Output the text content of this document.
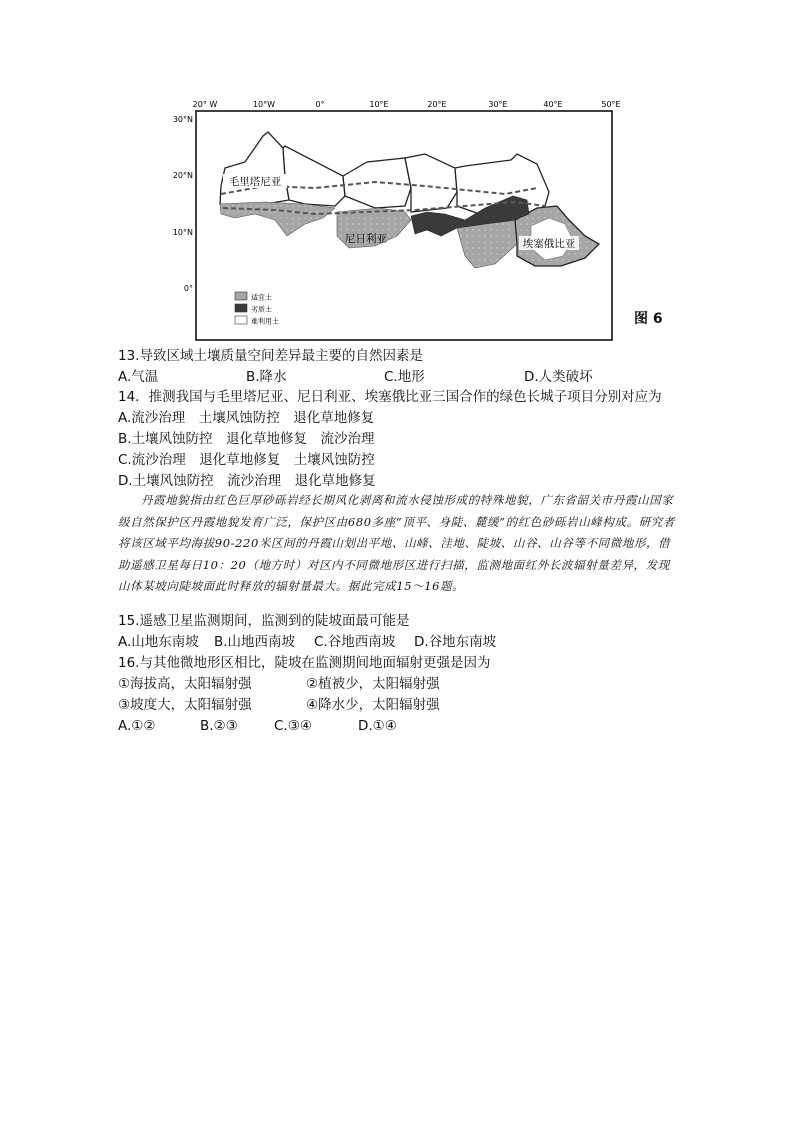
20° W	10°W	0°	10°E	20°E	30°E	40°E	50°E
30°N
20°N
10°N
0°
毛里塔尼亚
尼日利亚	埃塞俄比亚
适宜土
劣质土
难利用土	图 6
13.导致区域土壤质量空间差异最主要的自然因素是
A.气温	B.降水	C.地形	D.人类破坏
14．推测我国与毛里塔尼亚、尼日利亚、埃塞俄比亚三国合作的绿色长城子项目分别对应为
A.流沙治理　土壤风蚀防控　退化草地修复
B.土壤风蚀防控　退化草地修复　流沙治理
C.流沙治理　退化草地修复　土壤风蚀防控
D.土壤风蚀防控　流沙治理　退化草地修复

丹霞地貌指由红色巨厚砂砾岩经长期风化剥离和流水侵蚀形成的特殊地貌，广东省韶关市丹霞山国家级自然保护区丹霞地貌发育广泛，保护区由680多座“顶平、身陡、麓缓”的红色砂砾岩山峰构成。研究者将该区域平均海拔90-220米区间的丹霞山划出平地、山峰、洼地、陡坡、山谷、山谷等不同微地形，借助遥感卫星每日10：20（地方时）对区内不同微地形区进行扫描，监测地面红外长波辐射量差异，发现山体某坡向陡坡面此时释放的辐射量最大。据此完成15～16题。

15.遥感卫星监测期间，监测到的陡坡面最可能是
A.山地东南坡 B.山地西南坡 C.谷地西南坡 D.谷地东南坡
16.与其他微地形区相比，陡坡在监测期间地面辐射更强是因为
①海拔高，太阳辐射强	②植被少，太阳辐射强
③坡度大，太阳辐射强	④降水少，太阳辐射强
A.①②	B.②③	C.③④	D.①④
